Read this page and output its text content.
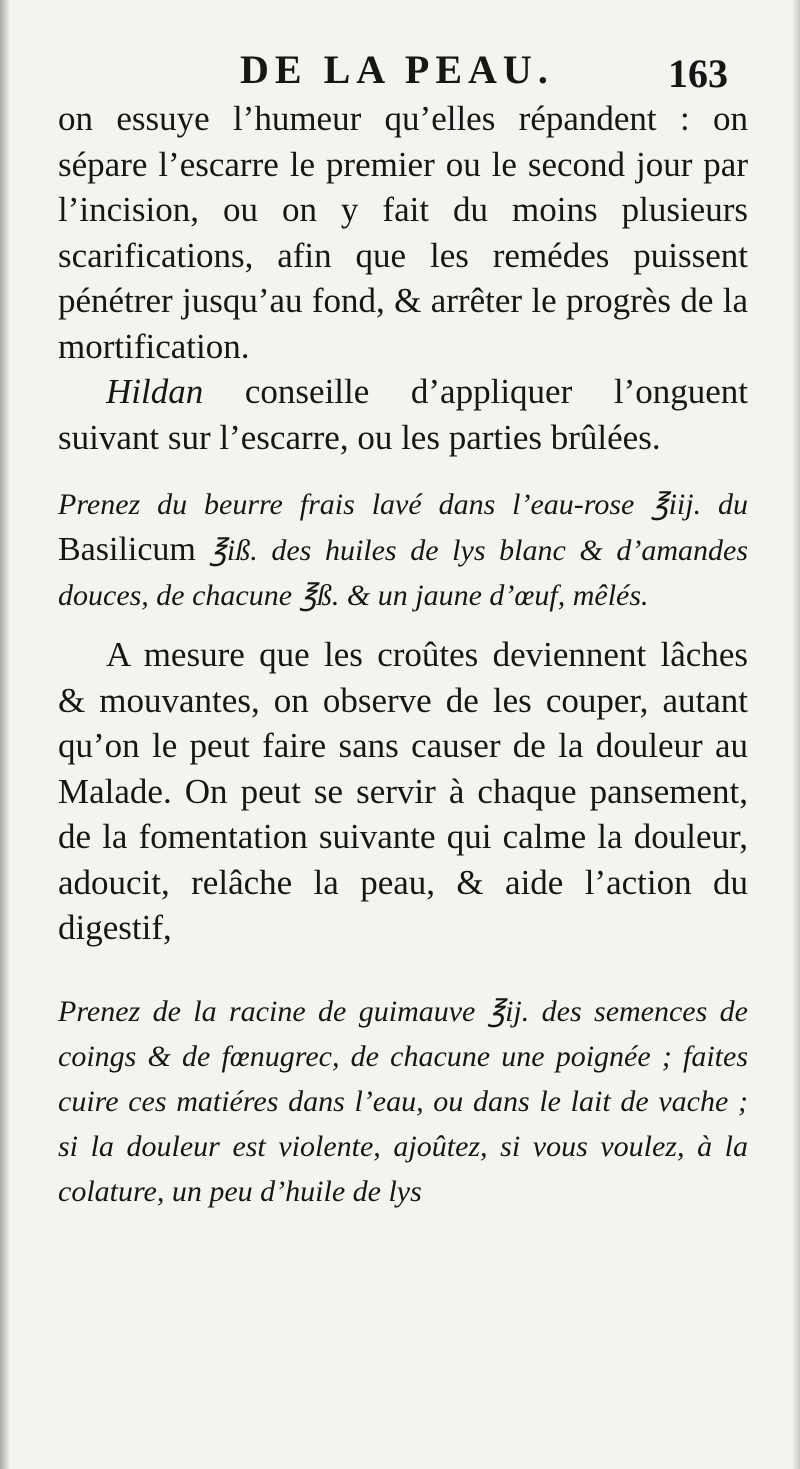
DE LA PEAU.	163

on essuye l’humeur qu’elles répandent : on sépare l’escarre le premier ou le second jour par l’incision, ou on y fait du moins plusieurs scarifications, afin que les remédes puissent pénétrer jusqu’au fond, & arrêter le progrès de la mortification.

Hildan conseille d’appliquer l’onguent suivant sur l’escarre, ou les parties brûlées.

Prenez du beurre frais lavé dans l’eau-rose ℥iij. du Basilicum ℥iß. des huiles de lys blanc & d’amandes douces, de chacune ℥ß. & un jaune d’œuf, mêlés.

A mesure que les croûtes deviennent lâches & mouvantes, on observe de les couper, autant qu’on le peut faire sans causer de la douleur au Malade. On peut se servir à chaque pansement, de la fomentation suivante qui calme la douleur, adoucit, relâche la peau, & aide l’action du digestif,

Prenez de la racine de guimauve ℥ij. des semences de coings & de fœnugrec, de chacune une poignée ; faites cuire ces matiéres dans l’eau, ou dans le lait de vache ; si la douleur est violente, ajoûtez, si vous voulez, à la colature, un peu d’huile de lys
